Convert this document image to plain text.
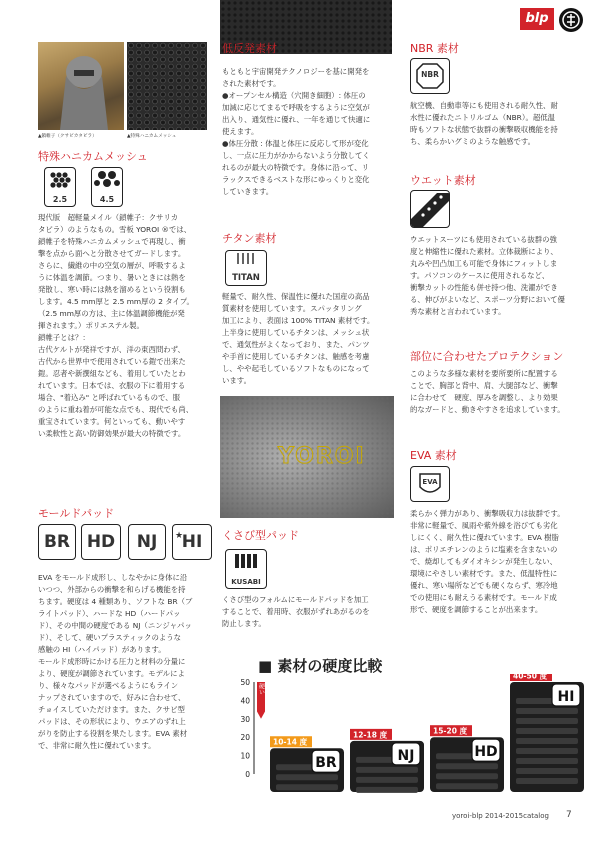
blp
▲鎖帷子（クサビカタビラ）	▲特殊ハニカムメッシュ
特殊ハニカムメッシュ
2.5	4.5

現代版　超軽量メイル（鎖帷子：クサリカ

タビラ）のようなもの。雪板 YOROI ®では、

鎖帷子を特殊ハニカムメッシュで再現し、衝

撃を点から面へと分散させてガードします。

さらに、繊維の中の空気の層が、呼吸するよ

うに体温を調節。つまり、暑いときには熱を

発散し、寒い時には熱を溜めるという役割も

します。4.5 mm厚と 2.5 mm厚の 2 タイプ。

（2.5 mm厚の方は、主に体温調節機能が発

揮されます。）ポリエステル製。

鎖帷子とは？：

古代ケルトが発祥ですが、洋の東西問わず、

古代から世界中で使用されている鎧で出来た

鎧。忍者や新撰組なども、着用していたとわ

れています。日本では、衣服の下に着用する

場合、"着込み" と呼ばれているもので、服

のように重ね着が可能な点でも、現代でも尚、

重宝されています。何といっても、動いやす

い柔軟性と高い防御効果が最大の特徴です。

モールドパッド
BR HD	NJ	HI
★

EVA をモールド成形し、しなやかに身体に沿

いつつ、外部からの衝撃を和らげる機能を持

ちます。硬度は 4 種類あり、ソフトな BR（ブ

ライトパッド）、ハードな HD（ハードパッ

ド）、その中間の硬度である NJ（ニンジャパッ

ド）、そして、硬いプラスティックのような

感触の HI（ハイパッド）があります。

モールド成形時にかける圧力と材料の分量に

より、硬度が調節されています。モデルによ

り、様々なパッドが選べるようにもライン

ナップされていますので、好みに合わせて、

チョイスしていただけます。また、クサビ型

パッドは、その形状により、ウエアのずれ上

がりを防止する役割を果たします。EVA 素材

で、非常に耐久性に優れています。

低反発素材

もともと宇宙開発テクノロジーを基に開発を

された素材です。

●オープンセル構造（穴開き細胞）: 体圧の

加減に応じてまるで呼吸をするように空気が

出入り、通気性に優れ、一年を通じて快適に

使えます。

●体圧分散 : 体温と体圧に反応して形が変化

し、一点に圧力がかからないよう分散してく

れるのが最大の特徴です。身体に沿って、リ

ラックスできるベストな形にゆっくりと変化

していきます。

チタン素材
TITAN

軽量で、耐久性、保温性に優れた国産の高品

質素材を使用しています。スパッタリング

加工により、表面は 100% TITAN 素材です。

上半身に使用しているチタンは、メッシュ状

で、通気性がよくなっており、また、パンツ

や手首に使用しているチタンは、触感を考慮

し、やや起毛しているソフトなものになって

います。

YOROI
くさび型パッド
KUSABI

くさび型のフォルムにモールドパッドを加工

することで、着用時、衣服がずれあがるのを

防止します。

NBR 素材
NBR

航空機、自動車等にも使用される耐久性、耐

水性に優れたニトリルゴム（NBR）。超低温

時もソフトな状態で抜群の衝撃吸収機能を持

ち、柔らかいグミのような触感です。

ウエット素材

ウエットスーツにも使用されている抜群の強

度と伸縮性に優れた素材。立体裁断により、

丸みや凹凸加工も可能で身体にフィットしま

す。パソコンのケースに使用されるなど、

衝撃カットの性能も併せ持つ他、洗濯ができ

る、伸びがよいなど、スポーツ分野において優

秀な素材と言われています。

部位に合わせたプロテクション

このような多様な素材を要所要所に配置する

ことで、胸部と背中、肩、大腿部など、衝撃

に合わせて　硬度、厚みを調整し、より効果

的なガードと、動きやすさを追求しています。

EVA 素材
EVA

柔らかく弾力があり、衝撃吸収力は抜群です。

非常に軽量で、風雨や紫外線を浴びても劣化

しにくく、耐久性に優れています。EVA 樹脂

は、ポリエチレンのように塩素を含まないの

で、焼却してもダイオキシンが発生しない、

環境にやさしい素材です。また、低温特性に

優れ、寒い場所などでも硬くならず、寒冷地

での使用にも耐えうる素材です。モールド成

形で、硬度を調節することが出来ます。

■ 素材の硬度比較
50
40
30
20
10
0
硬い
10-14 度
BR
12-18 度
NJ
15-20 度
HD
40-50 度
HI
yoroi-blp 2014-2015catalog 7
